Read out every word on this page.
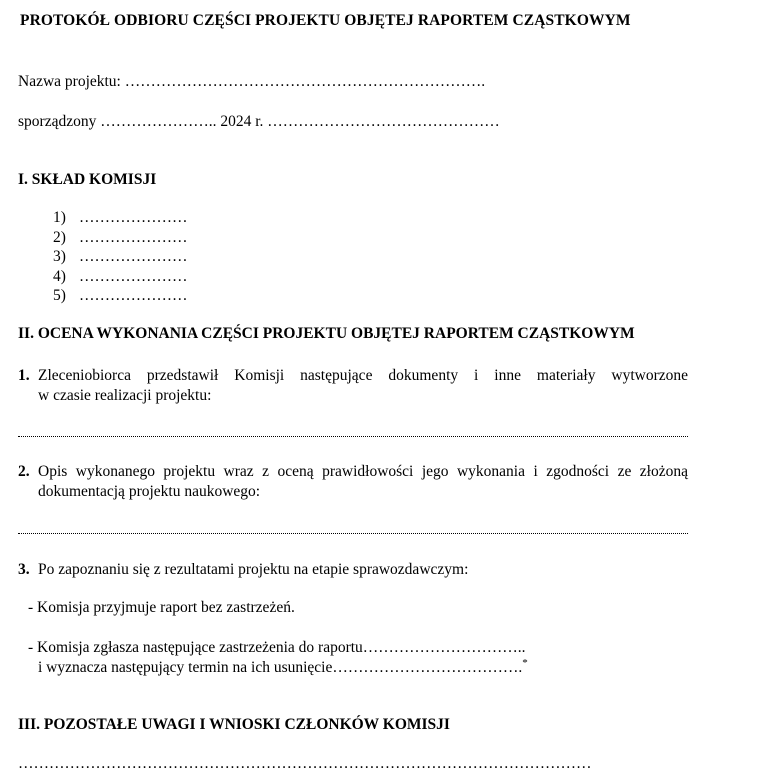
PROTOKÓŁ ODBIORU CZĘŚCI PROJEKTU OBJĘTEJ RAPORTEM CZĄSTKOWYM
Nazwa projektu: …………………………………………………………….
sporządzony ………………….. 2024 r. ………………………………………
I. SKŁAD KOMISJI
1) …………………
2) …………………
3) …………………
4) …………………
5) …………………
II. OCENA WYKONANIA CZĘŚCI PROJEKTU OBJĘTEJ RAPORTEM CZĄSTKOWYM
1. Zleceniobiorca przedstawił Komisji następujące dokumenty i inne materiały wytworzone
w czasie realizacji projektu:
2. Opis wykonanego projektu wraz z oceną prawidłowości jego wykonania i zgodności ze złożoną
dokumentacją projektu naukowego:
3. Po zapoznaniu się z rezultatami projektu na etapie sprawozdawczym:
- Komisja przyjmuje raport bez zastrzeżeń.
- Komisja zgłasza następujące zastrzeżenia do raportu…………………………..
i wyznacza następujący termin na ich usunięcie……………………………….*
III. POZOSTAŁE UWAGI I WNIOSKI CZŁONKÓW KOMISJI
…………………………………………………………………………………………………
